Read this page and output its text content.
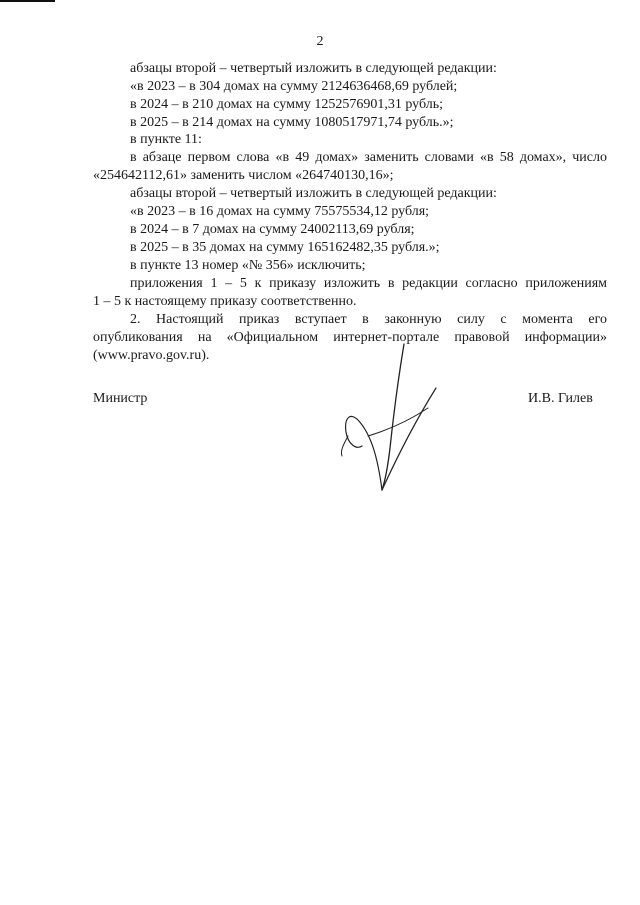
2
абзацы второй – четвертый изложить в следующей редакции:
«в 2023 – в 304 домах на сумму 2124636468,69 рублей;
в 2024 – в 210 домах на сумму 1252576901,31 рубль;
в 2025 – в 214 домах на сумму 1080517971,74 рубль.»;
в пункте 11:
в абзаце первом слова «в 49 домах» заменить словами «в 58 домах», число
«254642112,61» заменить числом «264740130,16»;
абзацы второй – четвертый изложить в следующей редакции:
«в 2023 – в 16 домах на сумму 75575534,12 рубля;
в 2024 – в 7 домах на сумму 24002113,69 рубля;
в 2025 – в 35 домах на сумму 165162482,35 рубля.»;
в пункте 13 номер «№ 356» исключить;
приложения 1 – 5 к приказу изложить в редакции согласно приложениям
1 – 5 к настоящему приказу соответственно.
2. Настоящий приказ вступает в законную силу с момента его
опубликования на «Официальном интернет-портале правовой информации»
(www.pravo.gov.ru).
Министр	И.В. Гилев
